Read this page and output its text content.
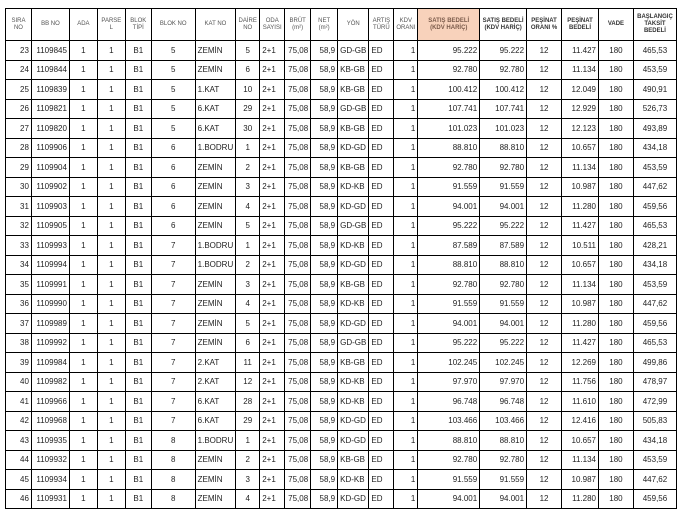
SIRA NO	BB NO	ADA	PARSE L	BLOK TİPİ	BLOK NO	KAT NO	DAİRE NO	ODA SAYISI	BRÜT (m²)	NET (m²)	YÖN	ARTIŞ TÜRÜ	KDV ORANI	SATIŞ BEDELİ (KDV HARİÇ)	SATIŞ BEDELİ (KDV HARİÇ)	PEŞİNAT ORANI %	PEŞİNAT BEDELİ	VADE	BAŞLANGIÇ TAKSİT BEDELİ
23	1109845	1	1	B1	5	ZEMİN	5	2+1	75,08	58,9	GD-GB	ED	1	95.222	95.222	12	11.427	180	465,53
24	1109844	1	1	B1	5	ZEMİN	6	2+1	75,08	58,9	KB-GB	ED	1	92.780	92.780	12	11.134	180	453,59
25	1109839	1	1	B1	5	1.KAT	10	2+1	75,08	58,9	KB-GB	ED	1	100.412	100.412	12	12.049	180	490,91
26	1109821	1	1	B1	5	6.KAT	29	2+1	75,08	58,9	GD-GB	ED	1	107.741	107.741	12	12.929	180	526,73
27	1109820	1	1	B1	5	6.KAT	30	2+1	75,08	58,9	KB-GB	ED	1	101.023	101.023	12	12.123	180	493,89
28	1109906	1	1	B1	6	1.BODRU	1	2+1	75,08	58,9	KD-GD	ED	1	88.810	88.810	12	10.657	180	434,18
29	1109904	1	1	B1	6	ZEMİN	2	2+1	75,08	58,9	KB-GB	ED	1	92.780	92.780	12	11.134	180	453,59
30	1109902	1	1	B1	6	ZEMİN	3	2+1	75,08	58,9	KD-KB	ED	1	91.559	91.559	12	10.987	180	447,62
31	1109903	1	1	B1	6	ZEMİN	4	2+1	75,08	58,9	KD-GD	ED	1	94.001	94.001	12	11.280	180	459,56
32	1109905	1	1	B1	6	ZEMİN	5	2+1	75,08	58,9	GD-GB	ED	1	95.222	95.222	12	11.427	180	465,53
33	1109993	1	1	B1	7	1.BODRU	1	2+1	75,08	58,9	KD-KB	ED	1	87.589	87.589	12	10.511	180	428,21
34	1109994	1	1	B1	7	1.BODRU	2	2+1	75,08	58,9	KD-GD	ED	1	88.810	88.810	12	10.657	180	434,18
35	1109991	1	1	B1	7	ZEMİN	3	2+1	75,08	58,9	KB-GB	ED	1	92.780	92.780	12	11.134	180	453,59
36	1109990	1	1	B1	7	ZEMİN	4	2+1	75,08	58,9	KD-KB	ED	1	91.559	91.559	12	10.987	180	447,62
37	1109989	1	1	B1	7	ZEMİN	5	2+1	75,08	58,9	KD-GD	ED	1	94.001	94.001	12	11.280	180	459,56
38	1109992	1	1	B1	7	ZEMİN	6	2+1	75,08	58,9	GD-GB	ED	1	95.222	95.222	12	11.427	180	465,53
39	1109984	1	1	B1	7	2.KAT	11	2+1	75,08	58,9	KB-GB	ED	1	102.245	102.245	12	12.269	180	499,86
40	1109982	1	1	B1	7	2.KAT	12	2+1	75,08	58,9	KD-KB	ED	1	97.970	97.970	12	11.756	180	478,97
41	1109966	1	1	B1	7	6.KAT	28	2+1	75,08	58,9	KD-KB	ED	1	96.748	96.748	12	11.610	180	472,99
42	1109968	1	1	B1	7	6.KAT	29	2+1	75,08	58,9	KD-GD	ED	1	103.466	103.466	12	12.416	180	505,83
43	1109935	1	1	B1	8	1.BODRU	1	2+1	75,08	58,9	KD-GD	ED	1	88.810	88.810	12	10.657	180	434,18
44	1109932	1	1	B1	8	ZEMİN	2	2+1	75,08	58,9	KB-GB	ED	1	92.780	92.780	12	11.134	180	453,59
45	1109934	1	1	B1	8	ZEMİN	3	2+1	75,08	58,9	KD-KB	ED	1	91.559	91.559	12	10.987	180	447,62
46	1109931	1	1	B1	8	ZEMİN	4	2+1	75,08	58,9	KD-GD	ED	1	94.001	94.001	12	11.280	180	459,56
